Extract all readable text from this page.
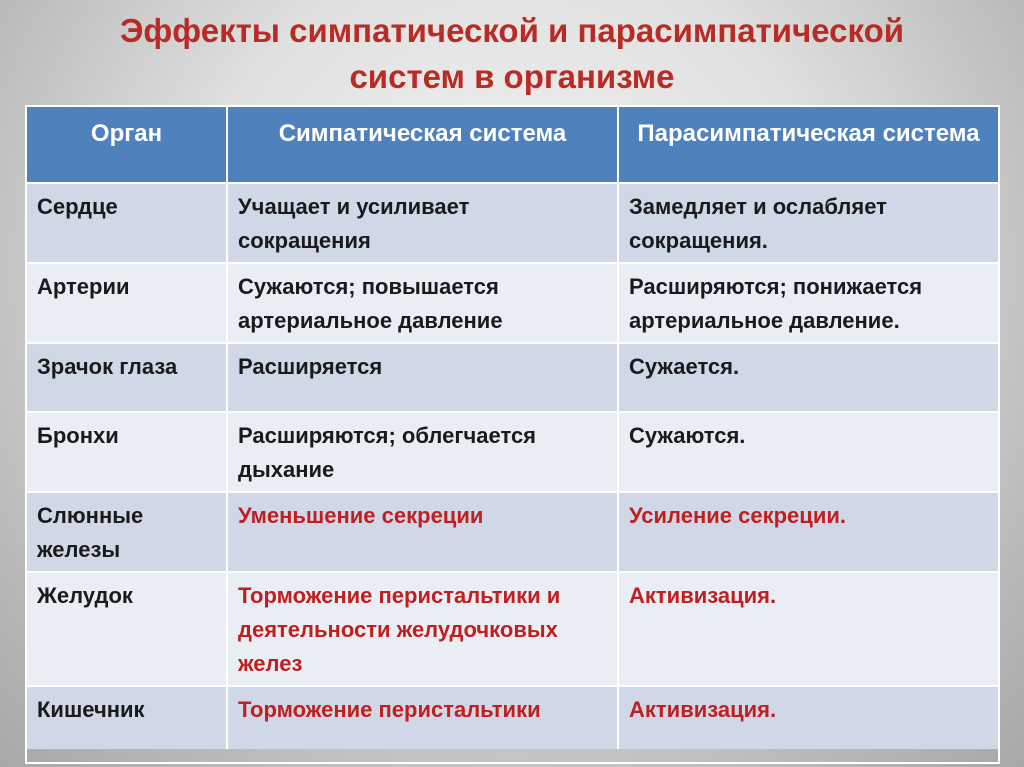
Эффекты симпатической и парасимпатической
систем в организме
Орган	Симпатическая система	Парасимпатическая система
Сердце	Учащает и усиливает сокращения	Замедляет и ослабляет сокращения.
Артерии	Сужаются; повышается артериальное давление	Расширяются; понижается артериальное давление.
Зрачок глаза	Расширяется	Сужается.
Бронхи	Расширяются; облегчается дыхание	Сужаются.
Слюнные железы	Уменьшение секреции	Усиление секреции.
Желудок	Торможение перистальтики и деятельности желудочковых желез	Активизация.
Кишечник	Торможение перистальтики	Активизация.
